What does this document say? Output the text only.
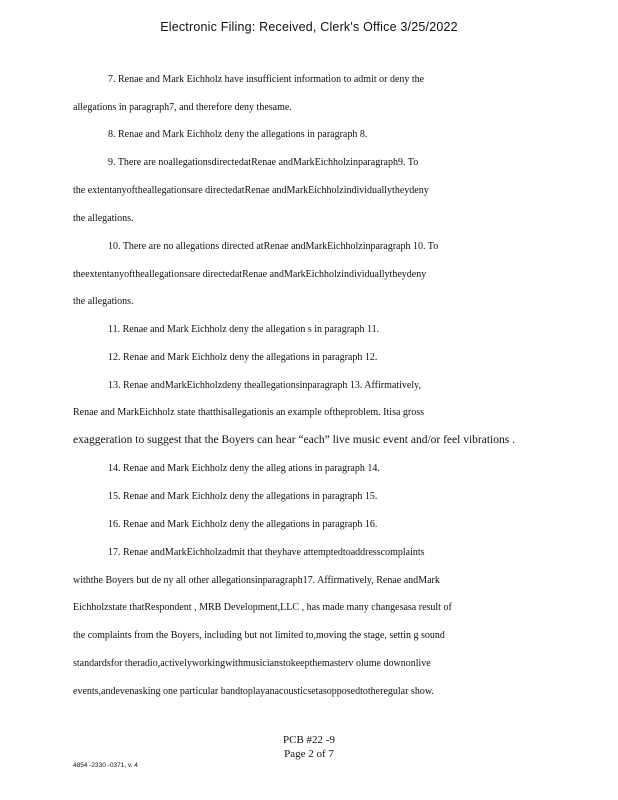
Electronic Filing: Received, Clerk's Office 3/25/2022
7. Renae and Mark Eichholz have insufficient information to admit or deny the
allegations in paragraph7, and therefore deny thesame.
8. Renae and Mark Eichholz deny the allegations in paragraph 8.
9. There are noallegationsdirectedatRenae andMarkEichholzinparagraph9. To
the extentanyoftheallegationsare directedatRenae andMarkEichholzindividuallytheydeny
the allegations.
10. There are no allegations directed atRenae andMarkEichholzinparagraph 10. To
theextentanyoftheallegationsare directedatRenae andMarkEichholzindividuallytheydeny
the allegations.
11. Renae and Mark Eichholz deny the allegation s in paragraph 11.
12. Renae and Mark Eichholz deny the allegations in paragraph 12.
13. Renae andMarkEichholzdeny theallegationsinparagraph 13. Affirmatively,
Renae and MarkEichholz state thatthisallegationis an example oftheproblem. Itisa gross
exaggeration to suggest that the Boyers can hear “each” live music event and/or feel vibrations .
14. Renae and Mark Eichholz deny the alleg ations in paragraph 14.
15. Renae and Mark Eichholz deny the allegations in paragraph 15.
16. Renae and Mark Eichholz deny the allegations in paragraph 16.
17. Renae andMarkEichholzadmit that theyhave attemptedtoaddresscomplaints
withthe Boyers but de ny all other allegationsinparagraph17. Affirmatively, Renae andMark
Eichholzstate thatRespondent , MRB Development,LLC , has made many changesasa result of
the complaints from the Boyers, including but not limited to,moving the stage, settin g sound
standardsfor theradio,activelyworkingwithmusicianstokeepthemasterv olume downonlive
events,andevenasking one particular bandtoplayanacousticsetasopposedtotheregular show.
PCB #22 -9
Page 2 of 7
4854 -2330 -0371, v. 4
